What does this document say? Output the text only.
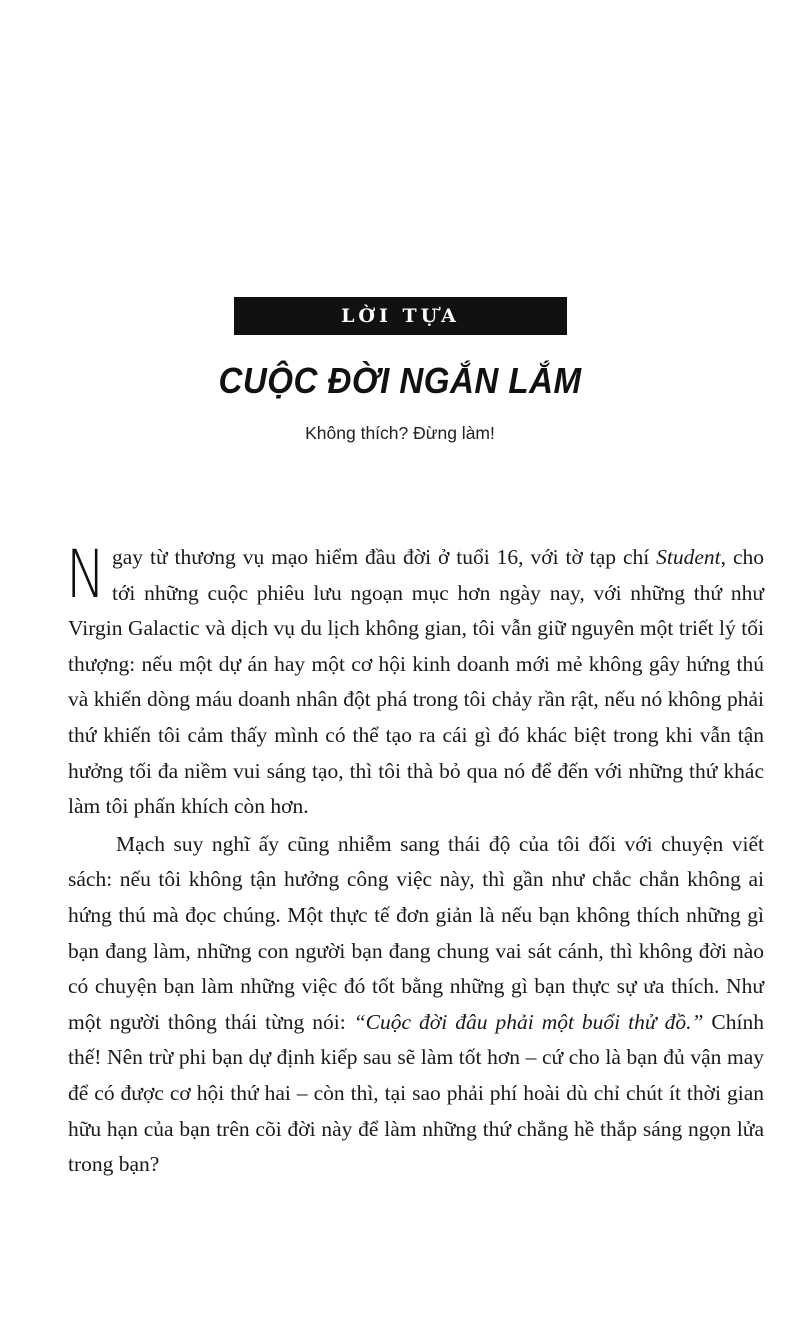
LỜI TỰA
CUỘC ĐỜI NGẮN LẮM
Không thích? Đừng làm!

Ngay từ thương vụ mạo hiểm đầu đời ở tuổi 16, với tờ tạp chí Student, cho tới những cuộc phiêu lưu ngoạn mục hơn ngày nay, với những thứ như Virgin Galactic và dịch vụ du lịch không gian, tôi vẫn giữ nguyên một triết lý tối thượng: nếu một dự án hay một cơ hội kinh doanh mới mẻ không gây hứng thú và khiến dòng máu doanh nhân đột phá trong tôi chảy rần rật, nếu nó không phải thứ khiến tôi cảm thấy mình có thể tạo ra cái gì đó khác biệt trong khi vẫn tận hưởng tối đa niềm vui sáng tạo, thì tôi thà bỏ qua nó để đến với những thứ khác làm tôi phấn khích còn hơn.

Mạch suy nghĩ ấy cũng nhiễm sang thái độ của tôi đối với chuyện viết sách: nếu tôi không tận hưởng công việc này, thì gần như chắc chắn không ai hứng thú mà đọc chúng. Một thực tế đơn giản là nếu bạn không thích những gì bạn đang làm, những con người bạn đang chung vai sát cánh, thì không đời nào có chuyện bạn làm những việc đó tốt bằng những gì bạn thực sự ưa thích. Như một người thông thái từng nói: “Cuộc đời đâu phải một buổi thử đồ.” Chính thế! Nên trừ phi bạn dự định kiếp sau sẽ làm tốt hơn – cứ cho là bạn đủ vận may để có được cơ hội thứ hai – còn thì, tại sao phải phí hoài dù chỉ chút ít thời gian hữu hạn của bạn trên cõi đời này để làm những thứ chẳng hề thắp sáng ngọn lửa trong bạn?
